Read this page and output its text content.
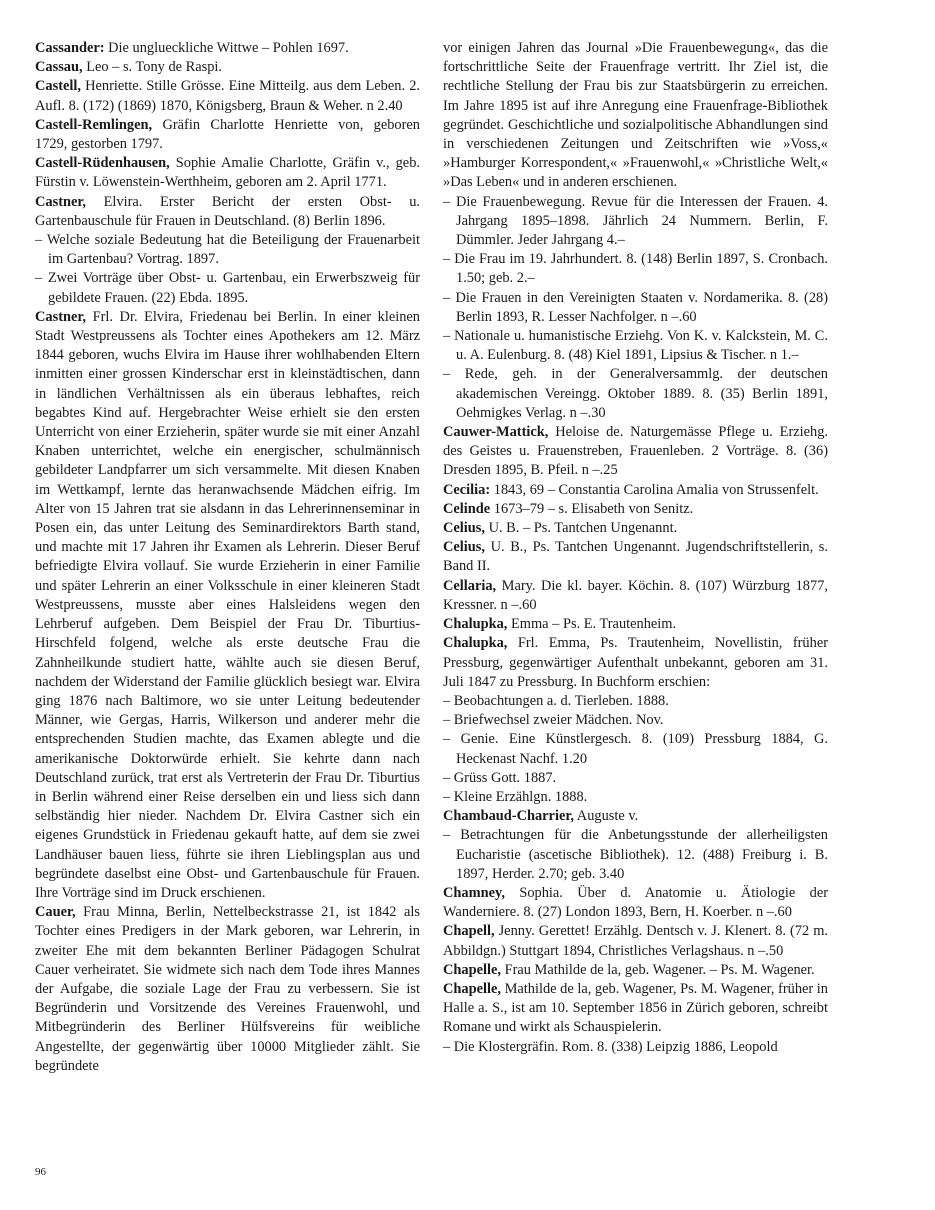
Cassander: Die unglueckliche Wittwe – Pohlen 1697.

Cassau, Leo – s. Tony de Raspi.

Castell, Henriette. Stille Grösse. Eine Mitteilg. aus dem Leben. 2. Aufl. 8. (172) (1869) 1870, Königsberg, Braun & Weher. n 2.40

Castell-Remlingen, Gräfin Charlotte Henriette von, geboren 1729, gestorben 1797.

Castell-Rüdenhausen, Sophie Amalie Charlotte, Gräfin v., geb. Fürstin v. Löwenstein-Werthheim, geboren am 2. April 1771.

Castner, Elvira. Erster Bericht der ersten Obst- u. Gartenbauschule für Frauen in Deutschland. (8) Berlin 1896.

– Welche soziale Bedeutung hat die Beteiligung der Frauenarbeit im Gartenbau? Vortrag. 1897.

– Zwei Vorträge über Obst- u. Gartenbau, ein Erwerbszweig für gebildete Frauen. (22) Ebda. 1895.

Castner, Frl. Dr. Elvira, Friedenau bei Berlin. In einer kleinen Stadt Westpreussens als Tochter eines Apothekers am 12. März 1844 geboren, wuchs Elvira im Hause ihrer wohlhabenden Eltern inmitten einer grossen Kinderschar erst in kleinstädtischen, dann in ländlichen Verhältnissen als ein überaus lebhaftes, reich begabtes Kind auf. Hergebrachter Weise erhielt sie den ersten Unterricht von einer Erzieherin, später wurde sie mit einer Anzahl Knaben unterrichtet, welche ein energischer, schulmännisch gebildeter Landpfarrer um sich versammelte. Mit diesen Knaben im Wettkampf, lernte das heranwachsende Mädchen eifrig. Im Alter von 15 Jahren trat sie alsdann in das Lehrerinnenseminar in Posen ein, das unter Leitung des Seminardirektors Barth stand, und machte mit 17 Jahren ihr Examen als Lehrerin. Dieser Beruf befriedigte Elvira vollauf. Sie wurde Erzieherin in einer Familie und später Lehrerin an einer Volksschule in einer kleineren Stadt Westpreussens, musste aber eines Halsleidens wegen den Lehrberuf aufgeben. Dem Beispiel der Frau Dr. Tiburtius-Hirschfeld folgend, welche als erste deutsche Frau die Zahnheilkunde studiert hatte, wählte auch sie diesen Beruf, nachdem der Widerstand der Familie glücklich besiegt war. Elvira ging 1876 nach Baltimore, wo sie unter Leitung bedeutender Männer, wie Gergas, Harris, Wilkerson und anderer mehr die entsprechenden Studien machte, das Examen ablegte und die amerikanische Doktorwürde erhielt. Sie kehrte dann nach Deutschland zurück, trat erst als Vertreterin der Frau Dr. Tiburtius in Berlin während einer Reise derselben ein und liess sich dann selbständig hier nieder. Nachdem Dr. Elvira Castner sich ein eigenes Grundstück in Friedenau gekauft hatte, auf dem sie zwei Landhäuser bauen liess, führte sie ihren Lieblingsplan aus und begründete daselbst eine Obst- und Gartenbauschule für Frauen. Ihre Vorträge sind im Druck erschienen.

Cauer, Frau Minna, Berlin, Nettelbeckstrasse 21, ist 1842 als Tochter eines Predigers in der Mark geboren, war Lehrerin, in zweiter Ehe mit dem bekannten Berliner Pädagogen Schulrat Cauer verheiratet. Sie widmete sich nach dem Tode ihres Mannes der Aufgabe, die soziale Lage der Frau zu verbessern. Sie ist Begründerin und Vorsitzende des Vereines Frauenwohl, und Mitbegründerin des Berliner Hülfsvereins für weibliche Angestellte, der gegenwärtig über 10000 Mitglieder zählt. Sie begründete

vor einigen Jahren das Journal »Die Frauenbewegung«, das die fortschrittliche Seite der Frauenfrage vertritt. Ihr Ziel ist, die rechtliche Stellung der Frau bis zur Staatsbürgerin zu erreichen. Im Jahre 1895 ist auf ihre Anregung eine Frauenfrage-Bibliothek gegründet. Geschichtliche und sozialpolitische Abhandlungen sind in verschiedenen Zeitungen und Zeitschriften wie »Voss,« »Hamburger Korrespondent,« »Frauenwohl,« »Christliche Welt,« »Das Leben« und in anderen erschienen.

– Die Frauenbewegung. Revue für die Interessen der Frauen. 4. Jahrgang 1895–1898. Jährlich 24 Nummern. Berlin, F. Dümmler. Jeder Jahrgang 4.–

– Die Frau im 19. Jahrhundert. 8. (148) Berlin 1897, S. Cronbach. 1.50; geb. 2.–

– Die Frauen in den Vereinigten Staaten v. Nordamerika. 8. (28) Berlin 1893, R. Lesser Nachfolger. n –.60

– Nationale u. humanistische Erziehg. Von K. v. Kalckstein, M. C. u. A. Eulenburg. 8. (48) Kiel 1891, Lipsius & Tischer. n 1.–

– Rede, geh. in der Generalversammlg. der deutschen akademischen Vereingg. Oktober 1889. 8. (35) Berlin 1891, Oehmigkes Verlag. n –.30

Cauwer-Mattick, Heloise de. Naturgemässe Pflege u. Erziehg. des Geistes u. Frauenstreben, Frauenleben. 2 Vorträge. 8. (36) Dresden 1895, B. Pfeil. n –.25

Cecilia: 1843, 69 – Constantia Carolina Amalia von Strussenfelt.

Celinde 1673–79 – s. Elisabeth von Senitz.

Celius, U. B. – Ps. Tantchen Ungenannt.

Celius, U. B., Ps. Tantchen Ungenannt. Jugendschriftstellerin, s. Band II.

Cellaria, Mary. Die kl. bayer. Köchin. 8. (107) Würzburg 1877, Kressner. n –.60

Chalupka, Emma – Ps. E. Trautenheim.

Chalupka, Frl. Emma, Ps. Trautenheim, Novellistin, früher Pressburg, gegenwärtiger Aufenthalt unbekannt, geboren am 31. Juli 1847 zu Pressburg. In Buchform erschien:

– Beobachtungen a. d. Tierleben. 1888.

– Briefwechsel zweier Mädchen. Nov.

– Genie. Eine Künstlergesch. 8. (109) Pressburg 1884, G. Heckenast Nachf. 1.20

– Grüss Gott. 1887.

– Kleine Erzählgn. 1888.

Chambaud-Charrier, Auguste v.

– Betrachtungen für die Anbetungsstunde der allerheiligsten Eucharistie (ascetische Bibliothek). 12. (488) Freiburg i. B. 1897, Herder. 2.70; geb. 3.40

Chamney, Sophia. Über d. Anatomie u. Ätiologie der Wanderniere. 8. (27) London 1893, Bern, H. Koerber. n –.60

Chapell, Jenny. Gerettet! Erzählg. Dentsch v. J. Klenert. 8. (72 m. Abbildgn.) Stuttgart 1894, Christliches Verlagshaus. n –.50

Chapelle, Frau Mathilde de la, geb. Wagener. – Ps. M. Wagener.

Chapelle, Mathilde de la, geb. Wagener, Ps. M. Wagener, früher in Halle a. S., ist am 10. September 1856 in Zürich geboren, schreibt Romane und wirkt als Schauspielerin.

– Die Klostergräfin. Rom. 8. (338) Leipzig 1886, Leopold

96
